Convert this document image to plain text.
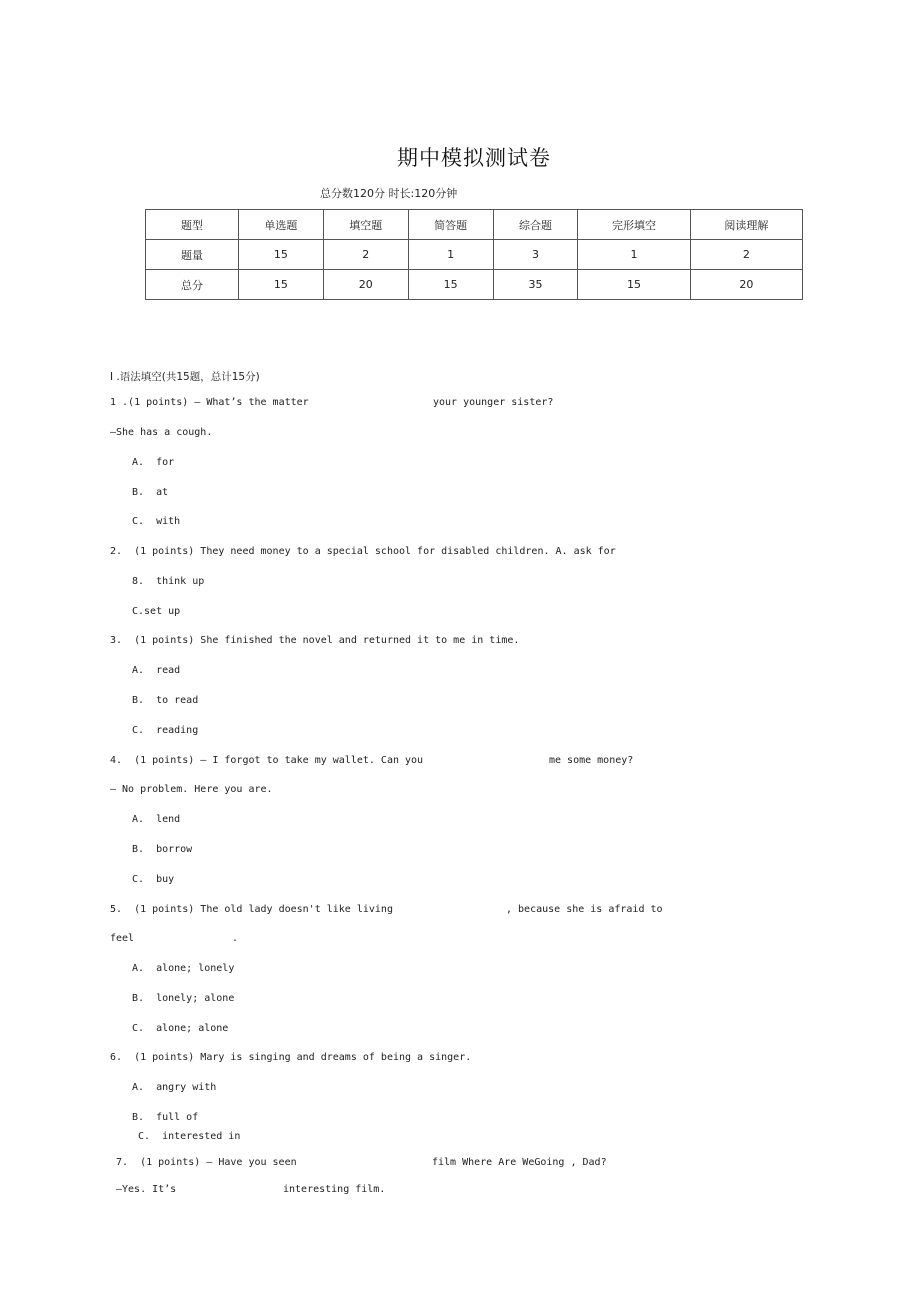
期中模拟测试卷
总分数120分 时长:120分钟
题型	单选题	填空题	简答题	综合题	完形填空	阅读理解
题量	15	2	1	3	1	2
总分	15	20	15	35	15	20
I .语法填空(共15题，总计15分)
1 .(1 points) — What’s the matter	your younger sister?
—She has a cough.
A.  for
B.  at
C.  with
2.  (1 points) They need money to a special school for disabled children. A. ask for
8.  think up
C.set up
3.  (1 points) She finished the novel and returned it to me in time.
A.  read
B.  to read
C.  reading
4.  (1 points) — I forgot to take my wallet. Can you	me some money?
— No problem. Here you are.
A.  lend
B.  borrow
C.  buy
5.  (1 points) The old lady doesn't like living	, because she is afraid to
feel	.
A.  alone; lonely
B.  lonely; alone
C.  alone; alone
6.  (1 points) Mary is singing and dreams of being a singer.
A.  angry with
B.  full of
C.  interested in
7.  (1 points) — Have you seen	film Where Are WeGoing , Dad?
—Yes. It’s	interesting film.
